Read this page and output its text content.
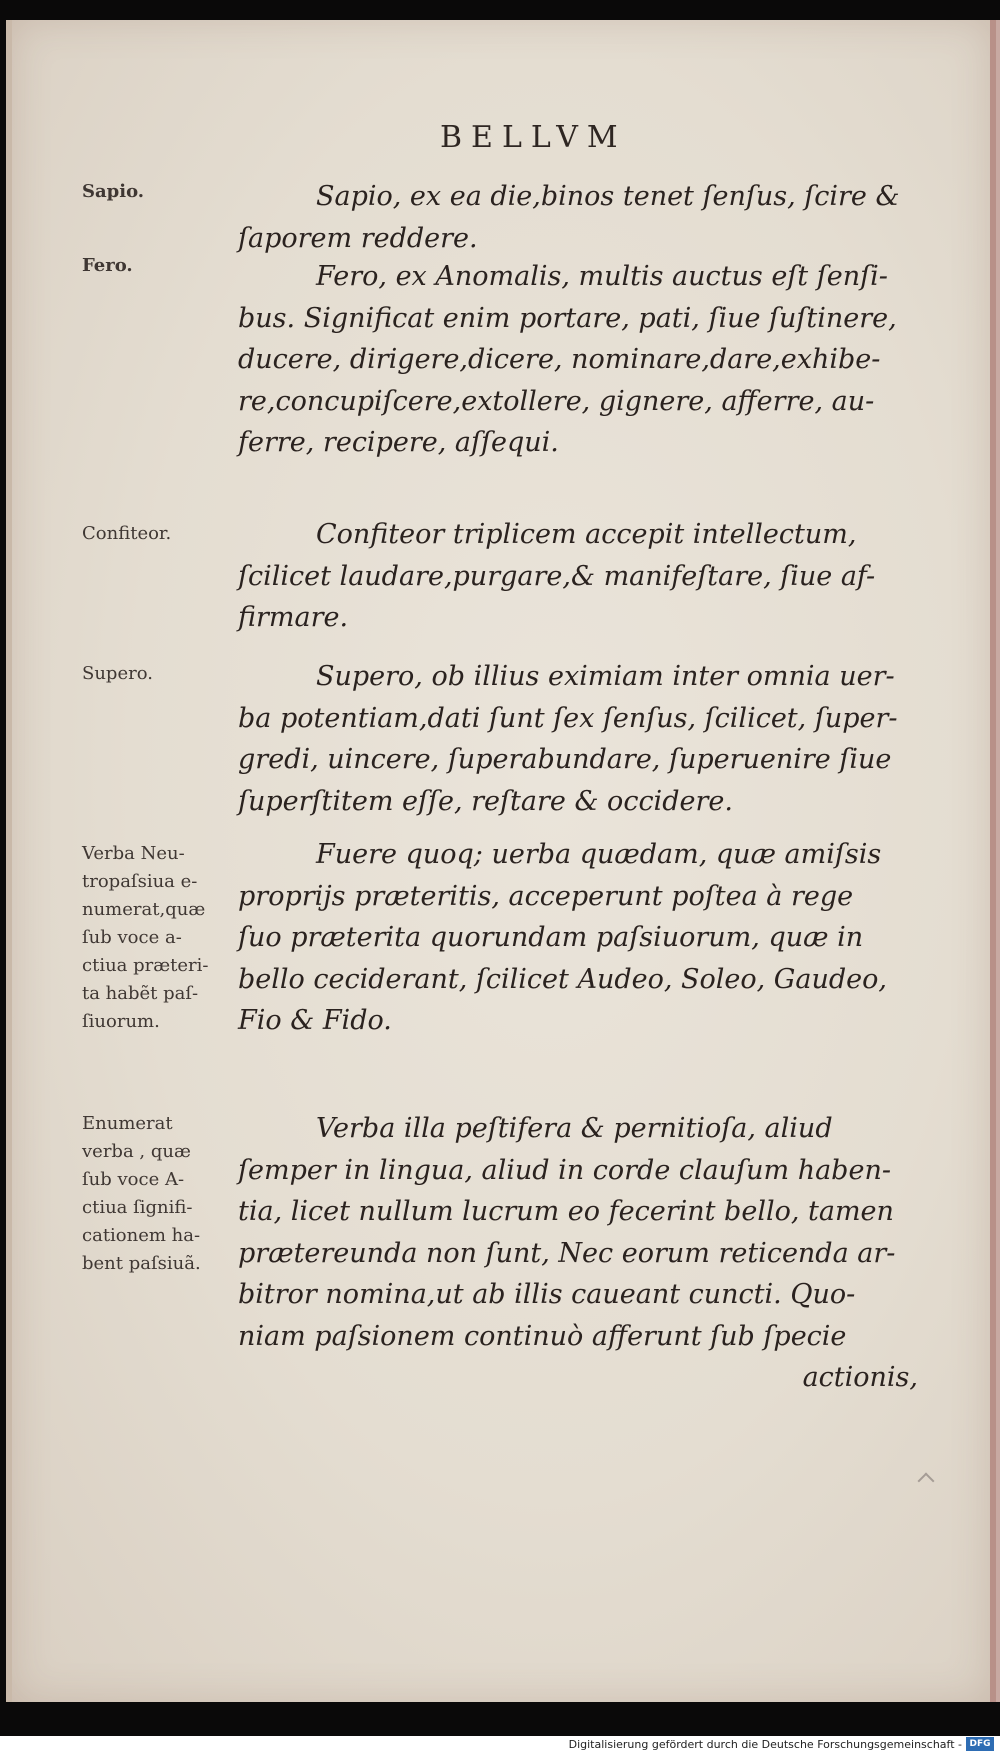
BELLVM
Sapio.	Sapio, ex ea die,binos tenet ſenſus, ſcire &
ſaporem reddere.
Fero.	Fero, ex Anomalis, multis auctus eſt ſenſi-
bus. Significat enim portare, pati, ſiue ſuſtinere,
ducere, dirigere,dicere, nominare,dare,exhibe-
re,concupiſcere,extollere, gignere, afferre, au-
ferre, recipere, aſſequi.
Confiteor.	Confiteor triplicem accepit intellectum,
ſcilicet laudare,purgare,& manifeſtare, ſiue af-
firmare.
Supero.	Supero, ob illius eximiam inter omnia uer-
ba potentiam,dati ſunt ſex ſenſus, ſcilicet, ſuper-
gredi, uincere, ſuperabundare, ſuperuenire ſiue
ſuperſtitem eſſe, reſtare & occidere.
Verba Neu-
tropaſsiua e-
numerat,quæ
ſub voce a-
ctiua præteri-
ta habẽt paſ-
ſiuorum.
Fuere quoq; uerba quædam, quæ amiſsis
proprijs præteritis, acceperunt poſtea à rege
ſuo præterita quorundam paſsiuorum, quæ in
bello ceciderant, ſcilicet Audeo, Soleo, Gaudeo,
Fio & Fido.
Enumerat
verba , quæ
ſub voce A-
ctiua ſignifi-
cationem ha-
bent paſsiuã.
Verba illa peſtifera & pernitioſa, aliud
ſemper in lingua, aliud in corde clauſum haben-
tia, licet nullum lucrum eo fecerint bello, tamen
prætereunda non ſunt, Nec eorum reticenda ar-
bitror nomina,ut ab illis caueant cuncti. Quo-
niam paſsionem continuò afferunt ſub ſpecie
actionis,
Digitalisierung gefördert durch die Deutsche Forschungsgemeinschaft - DFG
